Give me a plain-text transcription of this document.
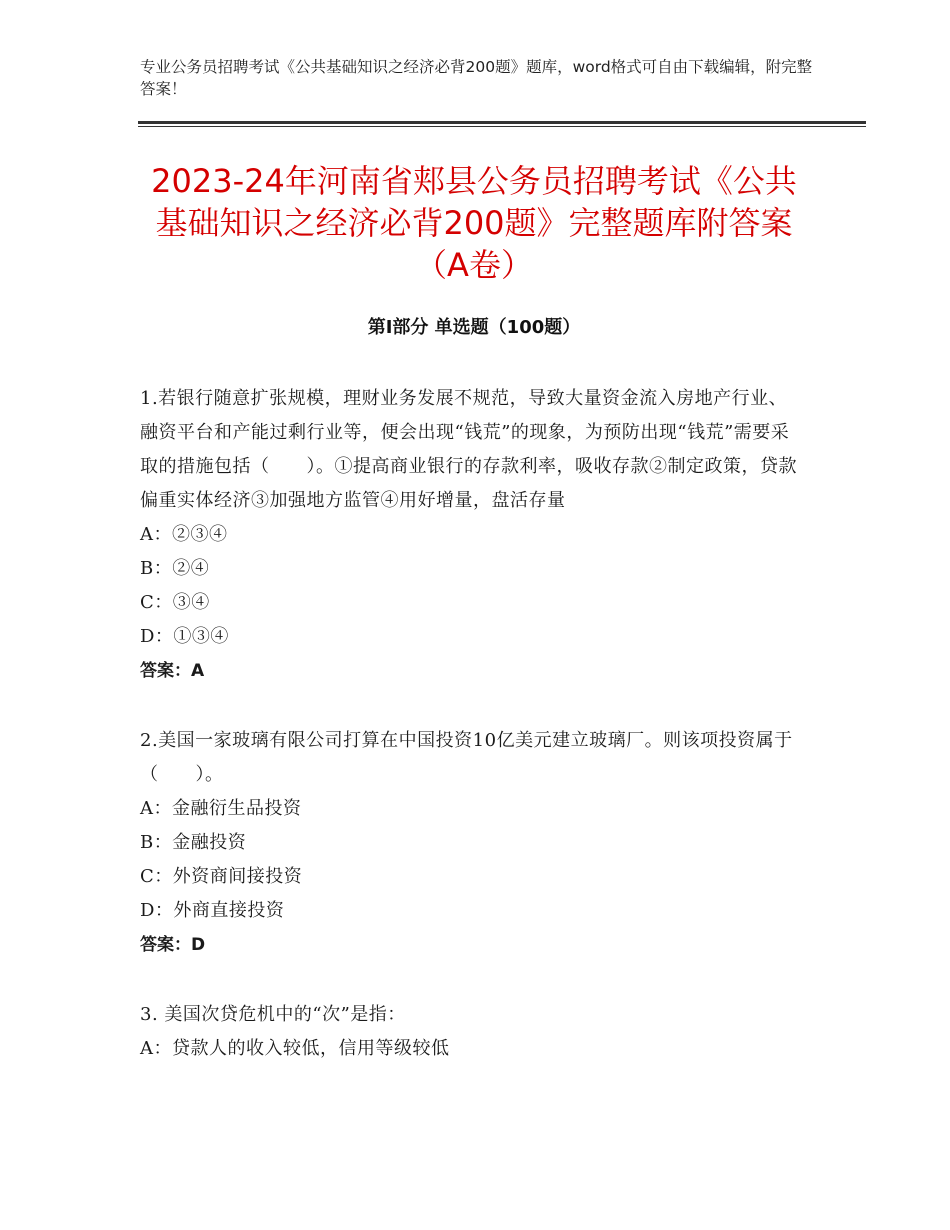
专业公务员招聘考试《公共基础知识之经济必背200题》题库，word格式可自由下载编辑，附完整答案！
2023-24年河南省郏县公务员招聘考试《公共基础知识之经济必背200题》完整题库附答案（A卷）
第Ⅰ部分 单选题（100题）

1.若银行随意扩张规模，理财业务发展不规范，导致大量资金流入房地产行业、融资平台和产能过剩行业等，便会出现“钱荒”的现象，为预防出现“钱荒”需要采取的措施包括（　　）。①提高商业银行的存款利率，吸收存款②制定政策，贷款偏重实体经济③加强地方监管④用好增量，盘活存量

A：②③④

B：②④

C：③④

D：①③④

答案：A

2.美国一家玻璃有限公司打算在中国投资10亿美元建立玻璃厂。则该项投资属于（　　）。

A：金融衍生品投资

B：金融投资

C：外资商间接投资

D：外商直接投资

答案：D

3. 美国次贷危机中的“次”是指：

A：贷款人的收入较低，信用等级较低
